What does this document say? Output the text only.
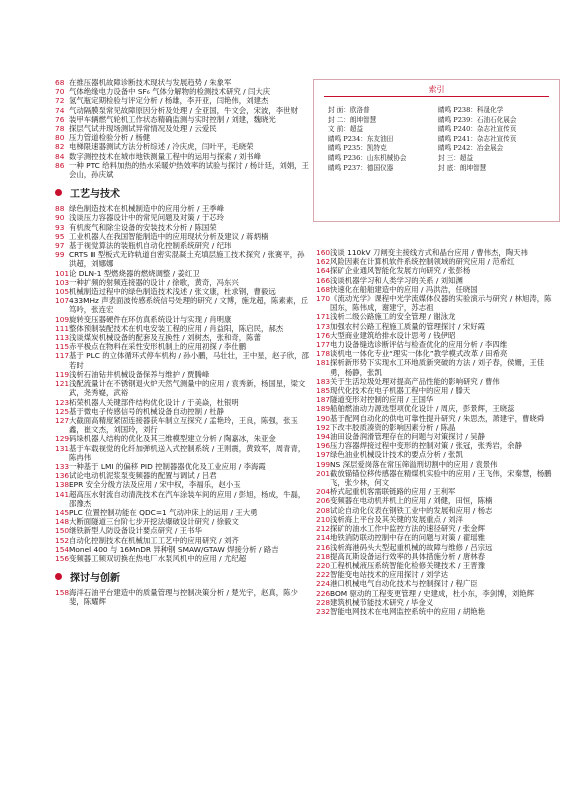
68 在推压器机故障诊断技术现状与发展趋势 / 朱象军
70 气体绝缘电力设备中 SF₆ 气体分解物的检测技术研究 / 闫大庆
72 氢气瓶定期检验与评定分析 / 杨雄，李开亚，闫艳伟，刘建杰
74 气动隔膜泵常见故障原因分析及处理 / 全亚国，牛文会，宋波，李世财
76 装甲车辆燃气轮机工作状态精确监测与实时控制 / 刘建，魏晓光
78 探层气试井现场测试异常情况及处理 / 云爱民
80 压力管道检验分析 / 杨健
82 电梯限速器测试方法分析综述 / 冷庆虎，闫叶平，毛晓荣
84 数字测控技术在城市地铁测量工程中的运用与探索 / 刘书峰
86 一种 PTC 给料加热的热水采暖炉热效率的试验与探讨 / 杨计廷，刘娟，王会山，孙庆斌
工艺与技术
88 绿色制造技术在机械制造中的应用分析 / 王季峰
90 浅谈压力容器设计中的常见问题及对策 / 于芯玲
93 有机废气和除尘设备的安装技术分析 / 陈国荣
95 工业机器人在我国智能制造中的应用现状分析及建议 / 蒋炳楠
97 基于视觉算法的装瓶机自动化控制系统研究 / 纪玮
99 CRTS Ⅲ 型板式无砟轨道自密实混凝土充填层施工技术探究 / 张赛平，孙洪超，刘娜娜
101 论 DLN-1 型燃烧器的燃烧调整 / 姜红卫
103 一种扩频的射频连接器的设计 / 徐歌，黄奇，冯东兴
105 机械制造过程中的绿色制造技术浅述 / 张文康，杜求钢，曹毅远
107 433MHz 声表面波传感系统信号处理的研究 / 文博，施龙超，陈素素，丘笃吟，张连宏
109 旋转变压器硬件在环仿真系统设计与实现 / 肖明康
111 整体预制装配技术在机电安装工程的应用 / 肖益阳，陈启民，郝杰
113 浅谈煤炭机械设备的配套及互换性 / 刘树杰，张和奇，陈蕾
115 赤平极点在物料在采性安形机制上的应用初探 / 李仕鹏
117 基于 PLC 的立体循环式停车机构 / 孙小鹏，马壮壮，王中星，赵子欣，邵若时
119 浅析石油钻井机械设备保养与维护 / 贾腾峰
121 浅配流量计在不锈钢退火炉天然气测量中的应用 / 袁秀新，杨国星，梁文武，尧秀嶷，武裕
123 柘荣机器人关键部件结构优化设计 / 于美焱，杜银明
125 基于微电子传感信号的机械设备自动控制 / 杜静
127 大截面高精度紧固连接器获车制立互探究 / 孟艳玲，王良，陈强，张玉鑫，崔文杰，刘国玲，刘行
129 码垛机器人结构的优化及其三维模型建立分析 / 陶嘉冰，朱亚金
131 基于车载视觉的化纤加弹机送入式控制系统 / 王则震，黄致军，周青青，陈冉伟
133 一种基于 LMI 的偏移 PID 控制器器优化及工业应用 / 李海霞
136 试论电动机泥浆泵变频器的配置与调试 / 吕君
138 EPR 安全分级方法及应用 / 宋中权，李福乐，赵小玉
141 超高压水射流自动清洗技术在汽车涂装车间的应用 / 彭旭，杨成，牛磊，邵豫杰
145 PLC 位置控制功能在 QDC=1 气动冲床上的运用 / 王大勇
148 大断面隧道三台阶七步开挖法爆破设计研究 / 徐毅文
150 继铁新型人防设备设计要点研究 / 王书华
152 自动化控制技术在机械加工工艺中的应用研究 / 刘齐
154 Monel 400 与 16MnDR 异种钢 SMAW/GTAW 焊接分析 / 路吉
156 变频器工频双切换在热电厂水泵风机中的应用 / 尤纪超
探讨与创新
158 海洋石油平台建造中的质量管理与控制决策分析 / 楚光宇，赵真，陈少斐，陈耀辉
索引
封 面：欧洛普	睛鸣 P238：科晟化学
封 二：朗坤智慧	睛鸣 P239：石油石化展会
文 前：超益	睛鸣 P240：杂志社宣传页
睛鸣 P234：东友油田	睛鸣 P241：杂志社宣传页
睛鸣 P235：凯特克	睛鸣 P242：冶金展会
睛鸣 P236：山东机械协会	封 三：超益
睛鸣 P237：德国仪器	封 底：朗坤智慧
160 浅谈 110kV 刀闸变主接线方式和晶台应用 / 曹伟杰，陶天祎
162 风险因素在计算机软件系统控制领域的研究应用 / 范希红
164 探矿企业通风智能化发展方向研究 / 张彭杨
166 浅谈机器学习和人类学习的关系 / 刘知渊
168 快速化在船舶建造中的应用 / 冯洪浩，任晓国
170 《流动光学》课程中光学流媒体仪器的实验演示与研究 / 林旭涛，陈国东，陈伟成，谢建宁，苏志祖
171 浅析二级公路施工的安全管理 / 谢泳龙
173 加强农村公路工程施工质量的管理探讨 / 宋好霞
176 大型商业建筑给排水设计思考 / 钱伊昭
177 电力设备缝选诊断评估与检查优化的应用分析 / 李四维
178 谈机电一体化专业“理实一体化”教学模式改革 / 田希亮
181 探析新形势下实现水工环地质新突破的方法 / 刘子春，侯姗，王佳勇，杨静，张凯
183 关于生活垃圾处理对提高产品性能的影响研究 / 曹伟
185 现代化技术在电子机器工程中的应用 / 滕天
187 隧道变形对控制的应用 / 王国华
189 船舶燃油动力源选型项优化设计 / 周庆，彭景辉，王晓蕊
190 基于配网自动化的供电可靠性提升研究 / 朱思杰，萧建宇，曹晓舜
192 下改丰胶质凑资的影响因素分析 / 陈晶
194 油田设备润滑管理存在的问题与对策探讨 / 吴静
196 压力容器焊接过程中变形的控制对策 / 张冠，张秀岩，余静
197 绿色油业机械设计技术的要点分析 / 张凯
199 NS 深层爱岗落在常压筛溢刑切割中的应用 / 袁景伟
201 截放锚锚位移传感器在精煤机实验中的应用 / 王飞伟，宋秦慧，杨鹏飞，张少林，何文
204 桥式起重机客需联链路的应用 / 王利军
206 变频器在电动机并机上的应用 / 刘健，田恒，陈楠
208 试论自动化仪表在钢铁工业中的发展和应用 / 杨志
210 浅析海上平台及其关键的发展重点 / 刘洋
212 探矿的油水工作中监控方法的速径研究 / 张金辉
214 地铁消防联动控制中存在的问题与对策 / 翟瑶雅
216 浅析海港码头大型起重机械的故障与维修 / 吕宗远
218 提高瓦斯设备运行效率的具体措施分析 / 唐林春
220 工程机械液压系统智能化检修关键技术 / 王晋豫
222 智能变电站技术的应用探讨 / 刘学达
224 港口机械电气自动化技术与控制探讨 / 程广臣
226 BOM 驱动的工程变更管理 / 史建成，杜小东，李剑博，刘艳辉
228 建筑机械节能技术研究 / 毕金义
232 智能电网技术在电网监控系统中的应用 / 胡艳艳
